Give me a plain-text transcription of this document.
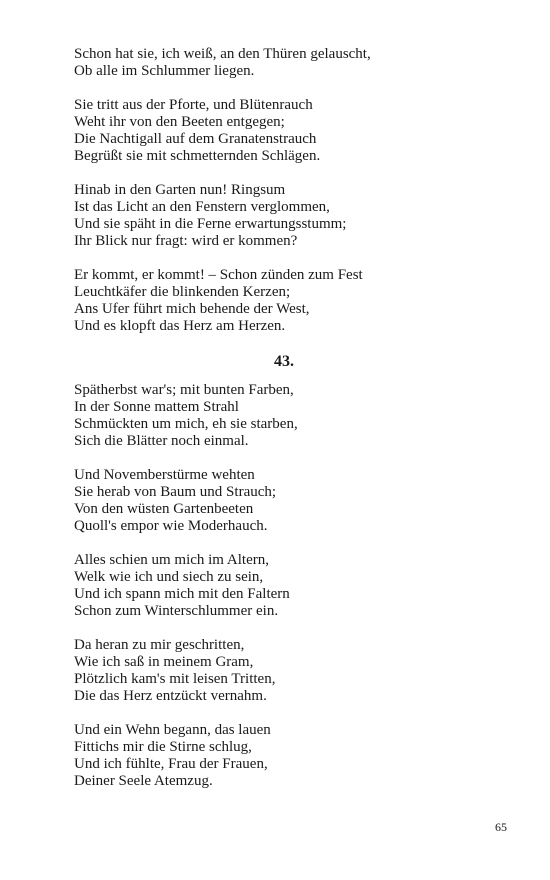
Schon hat sie, ich weiß, an den Thüren gelauscht,
Ob alle im Schlummer liegen.
Sie tritt aus der Pforte, und Blütenrauch
Weht ihr von den Beeten entgegen;
Die Nachtigall auf dem Granatenstrauch
Begrüßt sie mit schmetternden Schlägen.
Hinab in den Garten nun! Ringsum
Ist das Licht an den Fenstern verglommen,
Und sie späht in die Ferne erwartungsstumm;
Ihr Blick nur fragt: wird er kommen?
Er kommt, er kommt! – Schon zünden zum Fest
Leuchtkäfer die blinkenden Kerzen;
Ans Ufer führt mich behende der West,
Und es klopft das Herz am Herzen.
43.
Spätherbst war's; mit bunten Farben,
In der Sonne mattem Strahl
Schmückten um mich, eh sie starben,
Sich die Blätter noch einmal.
Und Novemberstürme wehten
Sie herab von Baum und Strauch;
Von den wüsten Gartenbeeten
Quoll's empor wie Moderhauch.
Alles schien um mich im Altern,
Welk wie ich und siech zu sein,
Und ich spann mich mit den Faltern
Schon zum Winterschlummer ein.
Da heran zu mir geschritten,
Wie ich saß in meinem Gram,
Plötzlich kam's mit leisen Tritten,
Die das Herz entzückt vernahm.
Und ein Wehn begann, das lauen
Fittichs mir die Stirne schlug,
Und ich fühlte, Frau der Frauen,
Deiner Seele Atemzug.
65
